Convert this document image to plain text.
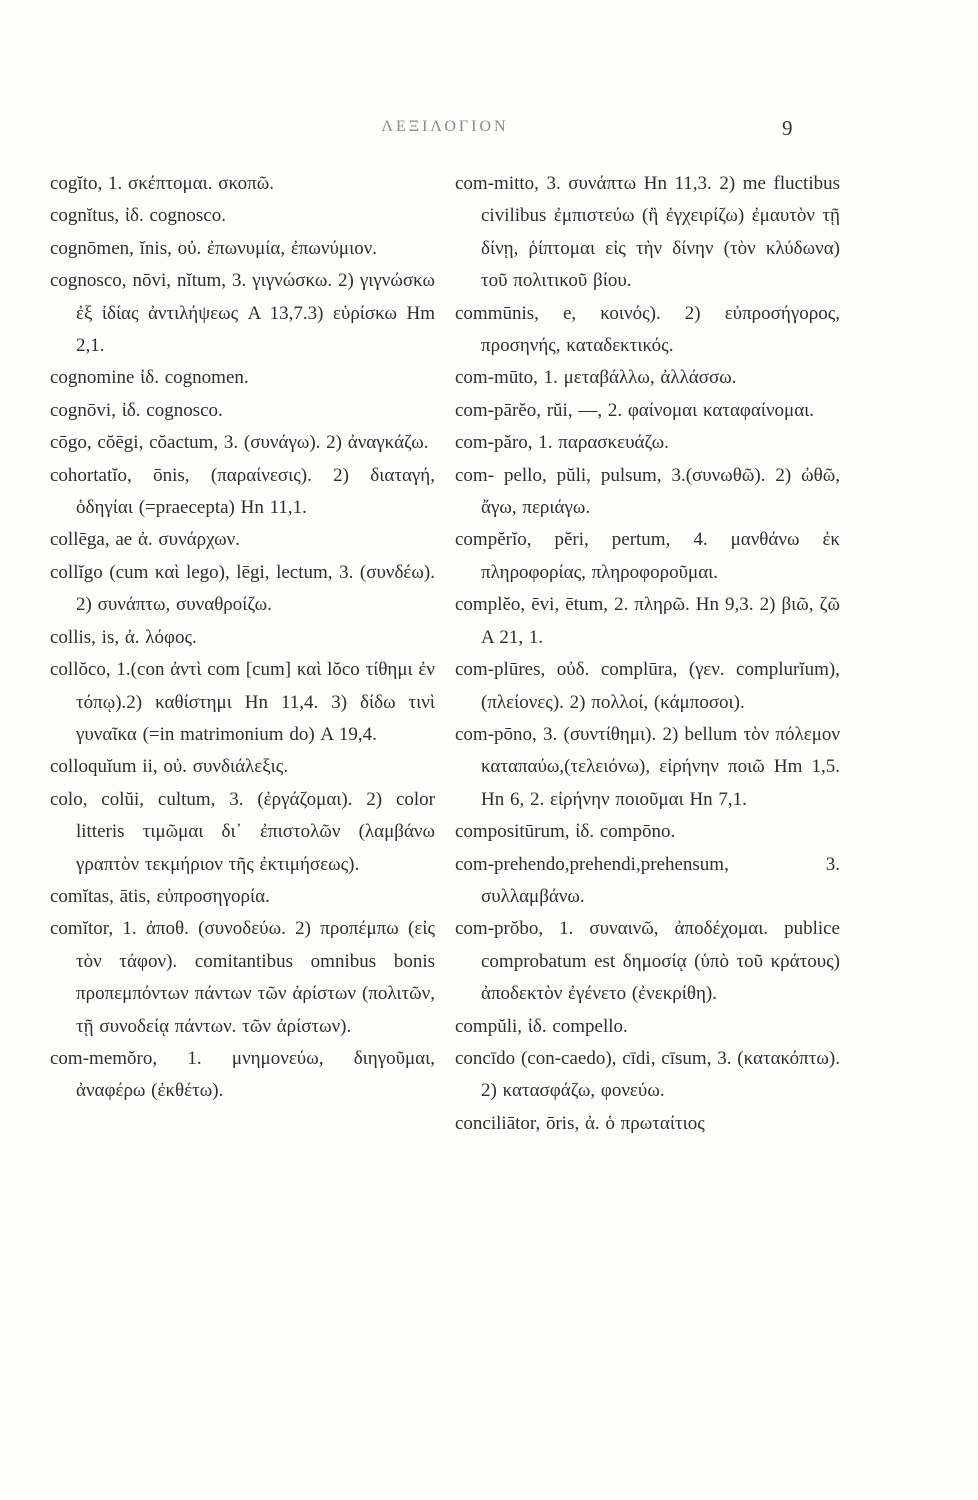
ΛΕΞΙΛΟΓΙΟΝ	9
cogĭto, 1. σκέπτομαι. σκοπῶ.
cognĭtus, ἰδ. cognosco.
cognōmen, ĭnis, οὐ. ἐπωνυμία, ἐπωνύμιον.
cognosco, nōvi, nĭtum, 3. γιγνώσκω. 2) γιγνώσκω ἐξ ἰδίας ἀντιλήψεως A 13,7.3) εὑρίσκω Hm 2,1.
cognomine ἰδ. cognomen.
cognōvi, ἰδ. cognosco.
cōgo, cŏēgi, cŏactum, 3. (συνάγω). 2) ἀναγκάζω.
cohortatĭo, ōnis, (παραίνεσις). 2) διαταγή, ὁδηγίαι (=praecepta) Hn 11,1.
collēga, ae ἀ. συνάρχων.
collĭgo (cum καὶ lego), lēgi, lectum, 3. (συνδέω). 2) συνάπτω, συναθροίζω.
collis, is, ἀ. λόφος.
collŏco, 1.(con ἀντὶ com [cum] καὶ lŏco τίθημι ἐν τόπῳ).2) καθίστημι Hn 11,4. 3) δίδω τινὶ γυναῖκα (=in matrimonium do) A 19,4.
colloquĭum ii, οὐ. συνδιάλεξις.
colo, colŭi, cultum, 3. (ἐργάζομαι). 2) color litteris τιμῶμαι δι᾽ ἐπιστολῶν (λαμβάνω γραπτὸν τεκμήριον τῆς ἐκτιμήσεως).
comĭtas, ātis, εὐπροσηγορία.
comĭtor, 1. ἀποθ. (συνοδεύω. 2) προπέμπω (εἰς τὸν τάφον). comitantibus omnibus bonis προπεμπόντων πάντων τῶν ἀρίστων (πολιτῶν, τῇ συνοδείᾳ πάντων. τῶν ἀρίστων).
com-memŏro, 1. μνημονεύω, διηγοῦμαι, ἀναφέρω (ἐκθέτω).
com-mitto, 3. συνάπτω Hn 11,3. 2) me fluctibus civilibus ἐμπιστεύω (ἢ ἐγχειρίζω) ἐμαυτὸν τῇ δίνῃ, ῥίπτομαι εἰς τὴν δίνην (τὸν κλύδωνα) τοῦ πολιτικοῦ βίου.
commūnis, e, κοινός). 2) εὐπροσήγορος, προσηνής, καταδεκτικός.
com-mūto, 1. μεταβάλλω, ἀλλάσσω.
com-pārĕo, rŭi, —, 2. φαίνομαι καταφαίνομαι.
com-păro, 1. παρασκευάζω.
com- pello, pŭli, pulsum, 3.(συνωθῶ). 2) ὠθῶ, ἄγω, περιάγω.
compĕrĭo, pĕri, pertum, 4. μανθάνω ἐκ πληροφορίας, πληροφοροῦμαι.
complĕo, ēvi, ētum, 2. πληρῶ. Hn 9,3. 2) βιῶ, ζῶ A 21, 1.
com-plūres, οὐδ. complūra, (γεν. complurĭum),(πλείονες). 2) πολλοί, (κάμποσοι).
com-pōno, 3. (συντίθημι). 2) bellum τὸν πόλεμον καταπαύω,(τελειόνω), εἰρήνην ποιῶ Hm 1,5. Hn 6, 2. εἰρήνην ποιοῦμαι Hn 7,1.
compositūrum, ἰδ. compōno.
com-prehendo,prehendi,prehensum, 3. συλλαμβάνω.
com-prŏbo, 1. συναινῶ, ἀποδέχομαι. publice comprobatum est δημοσίᾳ (ὑπὸ τοῦ κράτους) ἀποδεκτὸν ἐγένετο (ἐνεκρίθη).
compŭli, ἰδ. compello.
concīdo (con-caedo), cīdi, cīsum, 3. (κατακόπτω). 2) κατασφάζω, φονεύω.
conciliātor, ōris, ἀ. ὁ πρωταίτιος
